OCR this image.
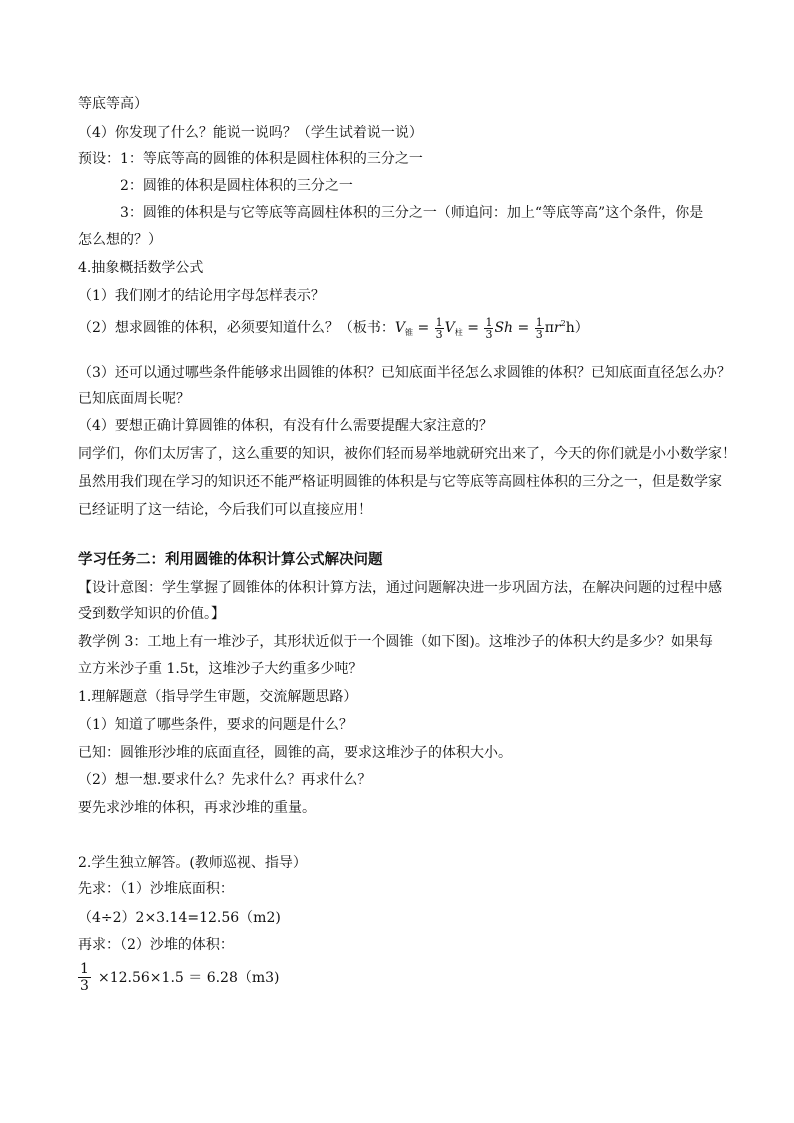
等底等高）
（4）你发现了什么？能说一说吗？（学生试着说一说）
预设：1：等底等高的圆锥的体积是圆柱体积的三分之一
2：圆锥的体积是圆柱体积的三分之一
3：圆锥的体积是与它等底等高圆柱体积的三分之一（师追问：加上“等底等高”这个条件，你是
怎么想的？）
4.抽象概括数学公式
（1）我们刚才的结论用字母怎样表示？
（2）想求圆锥的体积，必须要知道什么？（板书：$V_锥 = \frac{1}{3} V_柱 = \frac{1}{3}$ $Sh = \frac{1}{3} \pi r^2h$）
（3）还可以通过哪些条件能够求出圆锥的体积？已知底面半径怎么求圆锥的体积？已知底面直径怎么办？
已知底面周长呢？
（4）要想正确计算圆锥的体积，有没有什么需要提醒大家注意的？
同学们，你们太厉害了，这么重要的知识，被你们轻而易举地就研究出来了，今天的你们就是小小数学家！
虽然用我们现在学习的知识还不能严格证明圆锥的体积是与它等底等高圆柱体积的三分之一，但是数学家
已经证明了这一结论，今后我们可以直接应用！
学习任务二：利用圆锥的体积计算公式解决问题
【设计意图：学生掌握了圆锥体的体积计算方法，通过问题解决进一步巩固方法，在解决问题的过程中感
受到数学知识的价值。】
教学例 3：工地上有一堆沙子，其形状近似于一个圆锥（如下图)。这堆沙子的体积大约是多少？如果每
立方米沙子重 1.5t，这堆沙子大约重多少吨？
1.理解题意（指导学生审题，交流解题思路）
（1）知道了哪些条件，要求的问题是什么？
已知：圆锥形沙堆的底面直径，圆锥的高，要求这堆沙子的体积大小。
（2）想一想.要求什么？先求什么？再求什么？
要先求沙堆的体积，再求沙堆的重量。
2.学生独立解答。(教师巡视、指导）
先求：（1）沙堆底面积：
（4÷2）2×3.14=12.56（m2)
再求：（2）沙堆的体积：
$\frac{1}{3} \times 12.56\times 1.5 = 6.28(m3)$
